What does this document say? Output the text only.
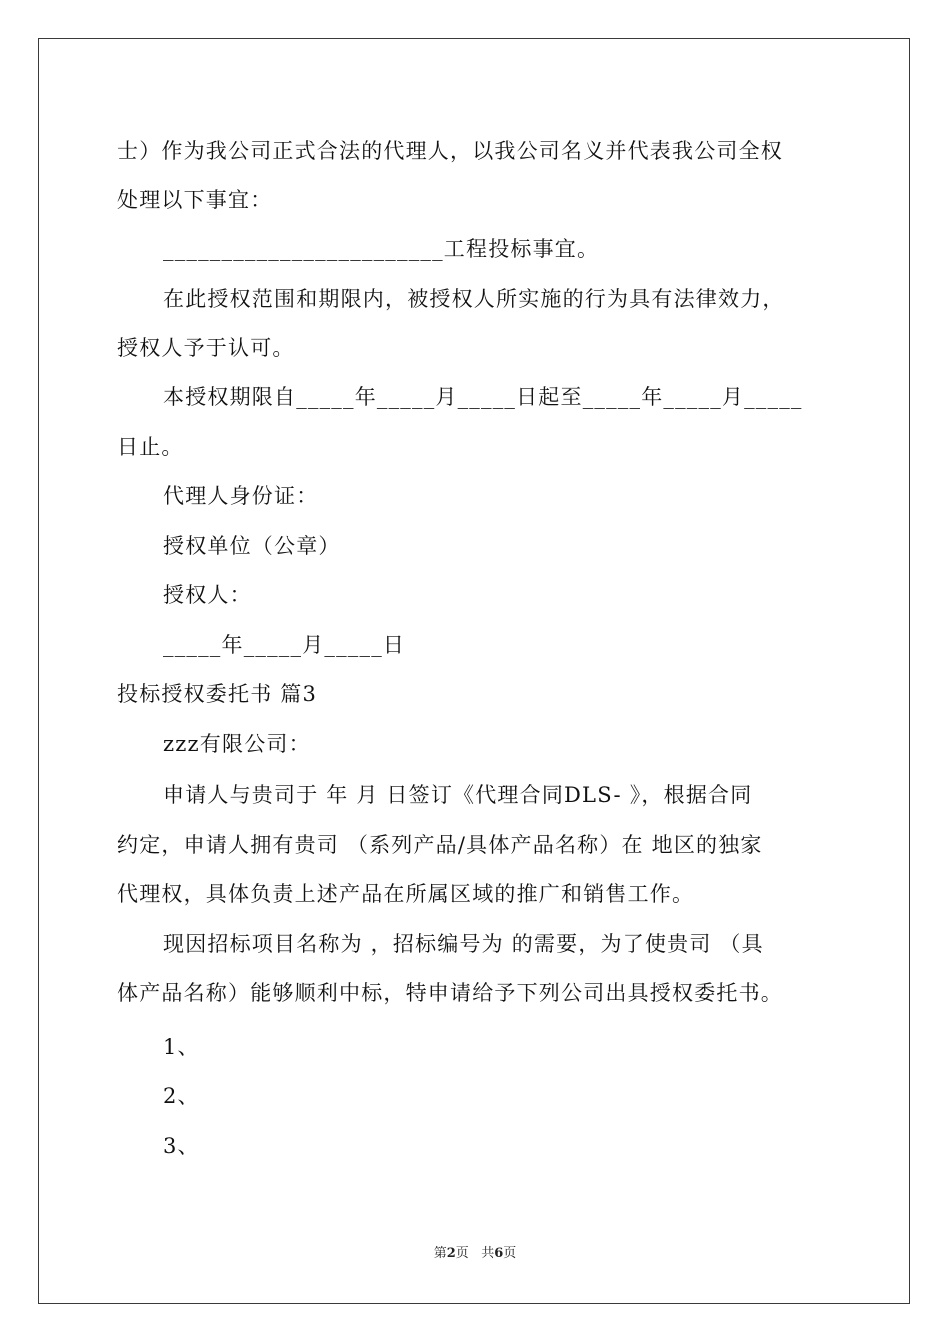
士）作为我公司正式合法的代理人，以我公司名义并代表我公司全权
处理以下事宜：
________________________工程投标事宜。
在此授权范围和期限内，被授权人所实施的行为具有法律效力，
授权人予于认可。
本授权期限自_____年_____月_____日起至_____年_____月_____
日止。
代理人身份证：
授权单位（公章）
授权人：
_____年_____月_____日
投标授权委托书 篇3
zzz有限公司：
申请人与贵司于 年 月 日签订《代理合同DLS- 》，根据合同
约定，申请人拥有贵司 （系列产品/具体产品名称）在 地区的独家
代理权，具体负责上述产品在所属区域的推广和销售工作。
现因招标项目名称为 ，招标编号为 的需要，为了使贵司 （具
体产品名称）能够顺利中标，特申请给予下列公司出具授权委托书。
1、
2、
3、
第2页 共6页
